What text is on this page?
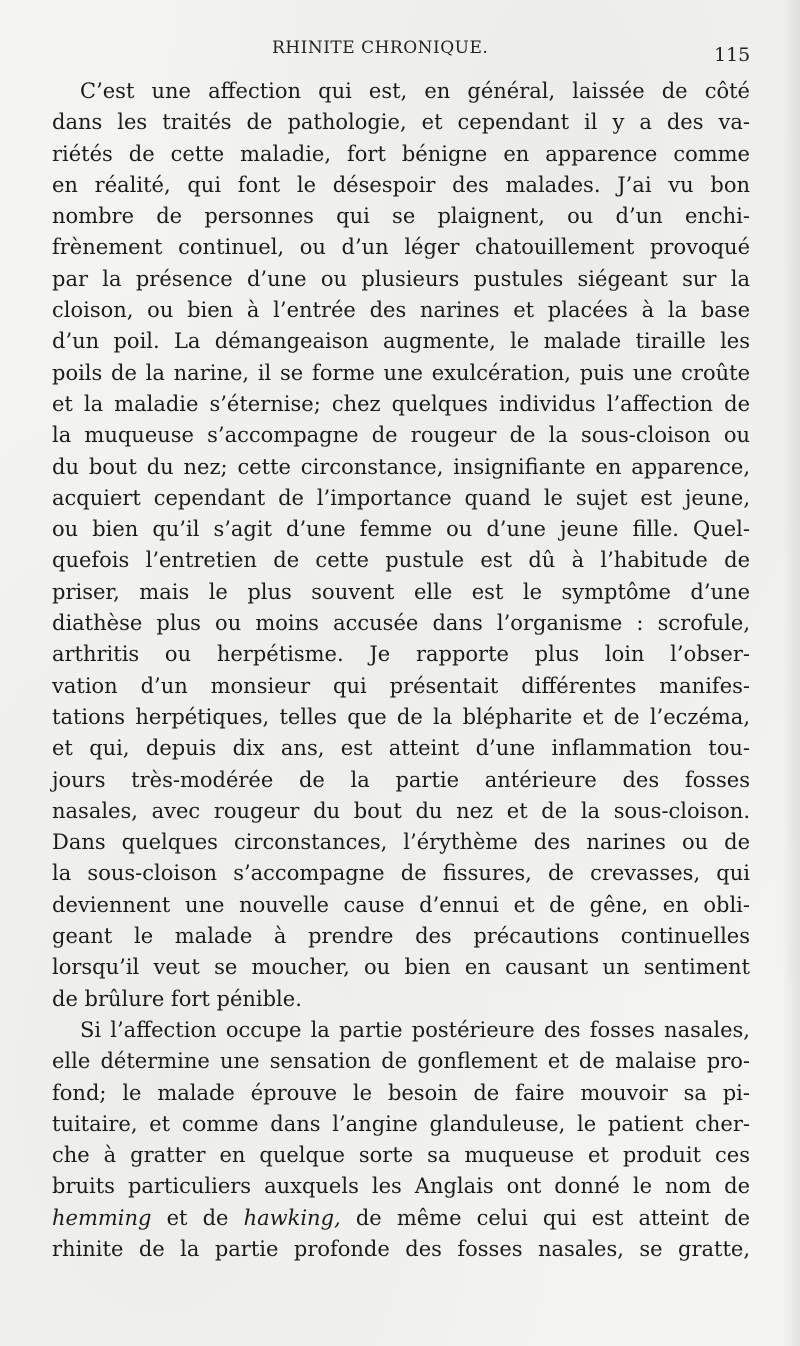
RHINITE CHRONIQUE.	115
C’est une affection qui est, en général, laissée de côté
dans les traités de pathologie, et cependant il y a des va-
riétés de cette maladie, fort bénigne en apparence comme
en réalité, qui font le désespoir des malades. J’ai vu bon
nombre de personnes qui se plaignent, ou d’un enchi-
frènement continuel, ou d’un léger chatouillement provoqué
par la présence d’une ou plusieurs pustules siégeant sur la
cloison, ou bien à l’entrée des narines et placées à la base
d’un poil. La démangeaison augmente, le malade tiraille les
poils de la narine, il se forme une exulcération, puis une croûte
et la maladie s’éternise; chez quelques individus l’affection de
la muqueuse s’accompagne de rougeur de la sous-cloison ou
du bout du nez; cette circonstance, insignifiante en apparence,
acquiert cependant de l’importance quand le sujet est jeune,
ou bien qu’il s’agit d’une femme ou d’une jeune fille. Quel-
quefois l’entretien de cette pustule est dû à l’habitude de
priser, mais le plus souvent elle est le symptôme d’une
diathèse plus ou moins accusée dans l’organisme : scrofule,
arthritis ou herpétisme. Je rapporte plus loin l’obser-
vation d’un monsieur qui présentait différentes manifes-
tations herpétiques, telles que de la blépharite et de l’eczéma,
et qui, depuis dix ans, est atteint d’une inflammation tou-
jours très-modérée de la partie antérieure des fosses
nasales, avec rougeur du bout du nez et de la sous-cloison.
Dans quelques circonstances, l’érythème des narines ou de
la sous-cloison s’accompagne de fissures, de crevasses, qui
deviennent une nouvelle cause d’ennui et de gêne, en obli-
geant le malade à prendre des précautions continuelles
lorsqu’il veut se moucher, ou bien en causant un sentiment
de brûlure fort pénible.
Si l’affection occupe la partie postérieure des fosses nasales,
elle détermine une sensation de gonflement et de malaise pro-
fond; le malade éprouve le besoin de faire mouvoir sa pi-
tuitaire, et comme dans l’angine glanduleuse, le patient cher-
che à gratter en quelque sorte sa muqueuse et produit ces
bruits particuliers auxquels les Anglais ont donné le nom de
hemming et de hawking, de même celui qui est atteint de
rhinite de la partie profonde des fosses nasales, se gratte,
